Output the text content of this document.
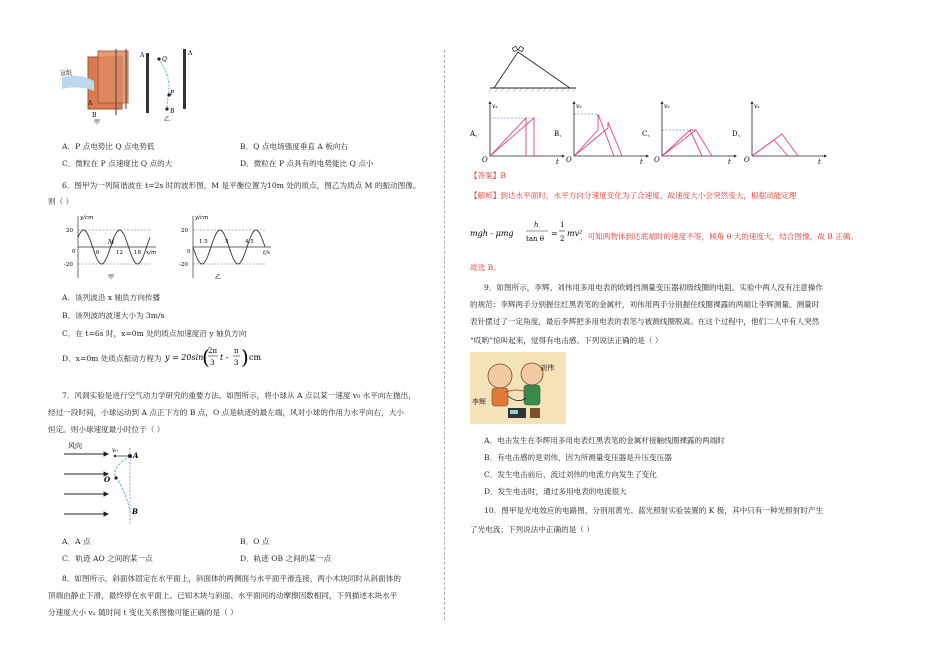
宣纸
A
B
甲
A	A
Q
P
B
乙
A．P 点电势比 Q 点电势低	B．Q 点电场强度垂直 A 板向右
C．微粒在 P 点速度比 Q 点的大	D．微粒在 P 点具有的电势能比 Q 点小
6．图甲为一列简谐波在 t=2s 时的波形图，M 是平衡位置为10m 处的质点，图乙为质点 M 的振动图像。
则（ ）
y/cm
x/m
20
0
-20
6	12 18
M
甲
y/cm
t/s
20
0
-20
1.5	3	4.5
乙
A．该列波沿 x 轴负方向传播
B．该列波的波速大小为 3m/s
C．在 t=6s 时，x=0m 处的质点加速度沿 y 轴负方向
D．x=0m 处质点振动方程为 y = 20sin
(
2π
3
t -
π
3 ) cm
7．风洞实验是进行空气动力学研究的重要方法。如图所示，将小球从 A 点以某一速度 v₀ 水平向左抛出，
经过一段时间，小球运动到 A 点正下方的 B 点，O 点是轨迹的最左端，风对小球的作用力水平向右，大小
恒定。则小球速度最小时位于（ ）
风向
v₀
A
O
B
A．A 点	B．O 点
C．轨迹 AO 之间的某一点	D．轨迹 OB 之间的某一点
8．如图所示，斜面体固定在水平面上，斜面体的两侧面与水平面平滑连接，两小木块同时从斜面体的
顶端由静止下滑，最终停在水平面上。已知木块与斜面、水平面间的动摩擦因数相同，下列描述木块水平
分速度大小 vₓ 随时间 t 变化关系图像可能正确的是（ ）
vₓ
O	t
A、
vₓ
O	t
B、
vₓ
O	t
C、
vₓ
O	t
D、
【答案】B
【解析】到达水平面时，水平方向分速度变化为了合速度，故速度大小会突然变大，根据动能定理
mgh - μmg
h
tan θ
=
1
2
mv²
，可知两物体到达底端时的速度不等，倾角 θ 大的速度大，结合图像，故 B 正确。
故选 B。
9．如图所示，李辉、刘伟用多用电表的欧姆挡测量变压器初级线圈的电阻。实验中两人没有注意操作
的规范：李辉两手分别握住红黑表笔的金属杆，刘伟用两手分别握住线圈裸露的两端让李辉测量。测量时
表针摆过了一定角度，最后李辉把多用电表的表笔与被测线圈脱离。在这个过程中，他们二人中有人突然
“哎哟”惊叫起来，觉得有电击感。下列说法正确的是（ ）
刘伟
李辉
A．电击发生在李辉用多用电表红黑表笔的金属杆接触线圈裸露的两端时
B．有电击感的是刘伟，因为所测量变压器是升压变压器
C．发生电击前后，流过刘伟的电流方向发生了变化
D．发生电击时，通过多用电表的电流很大
10．图甲是光电效应的电路图，分别用黄光、蓝光照射实验装置的 K 极，其中只有一种光照射时产生
了光电流；下列说法中正确的是（ ）
